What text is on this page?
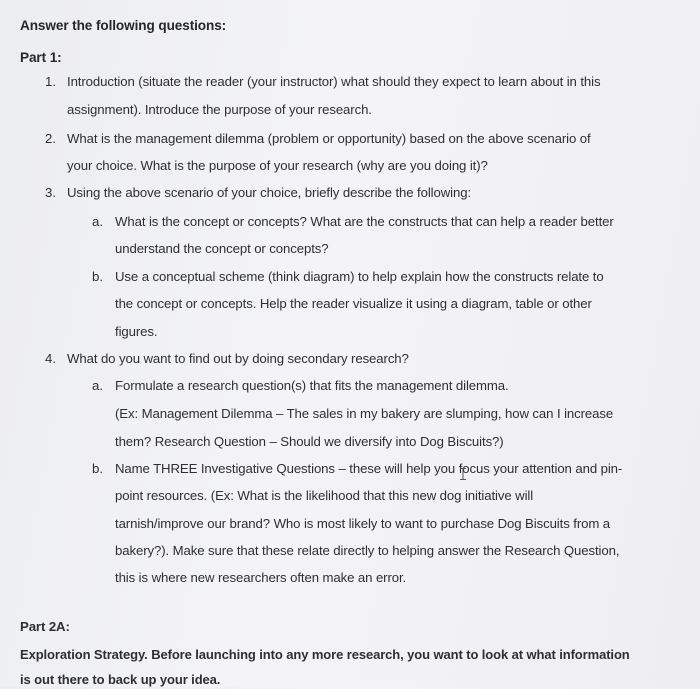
Answer the following questions:
Part 1:
1. Introduction (situate the reader (your instructor) what should they expect to learn about in this
assignment). Introduce the purpose of your research.
2. What is the management dilemma (problem or opportunity) based on the above scenario of
your choice. What is the purpose of your research (why are you doing it)?
3. Using the above scenario of your choice, briefly describe the following:
a. What is the concept or concepts? What are the constructs that can help a reader better
understand the concept or concepts?
b. Use a conceptual scheme (think diagram) to help explain how the constructs relate to
the concept or concepts. Help the reader visualize it using a diagram, table or other
figures.
4. What do you want to find out by doing secondary research?
a. Formulate a research question(s) that fits the management dilemma.
(Ex: Management Dilemma – The sales in my bakery are slumping, how can I increase
them? Research Question – Should we diversify into Dog Biscuits?)
b. Name THREE Investigative Questions – these will help you focus your attention and pin-
point resources. (Ex: What is the likelihood that this new dog initiative will
tarnish/improve our brand? Who is most likely to want to purchase Dog Biscuits from a
bakery?). Make sure that these relate directly to helping answer the Research Question,
this is where new researchers often make an error.
Part 2A:
Exploration Strategy. Before launching into any more research, you want to look at what information
is out there to back up your idea.
